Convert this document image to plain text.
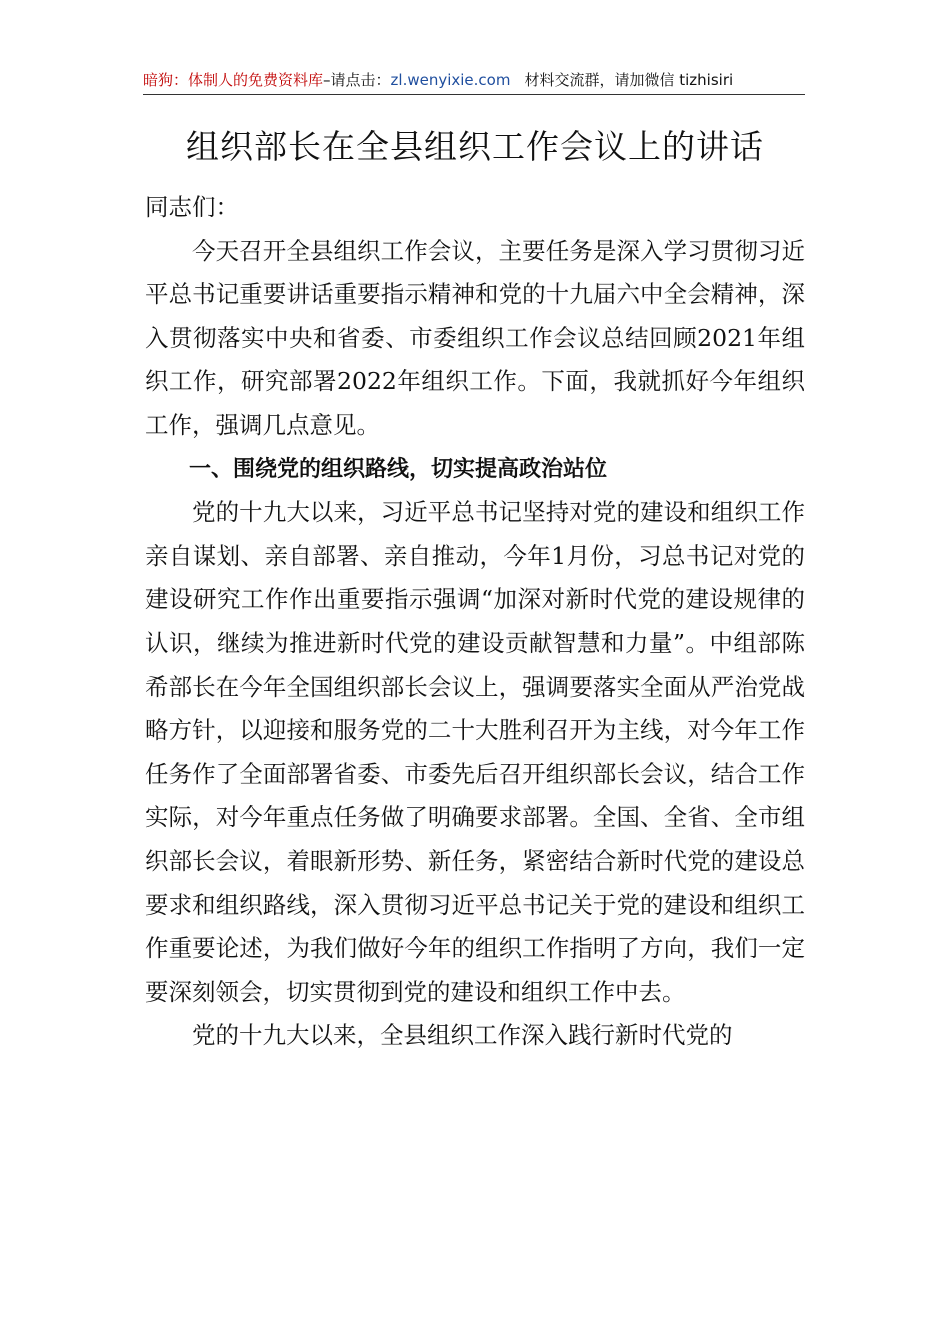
暗狗：体制人的免费资料库–请点击：zl.wenyixie.com 材料交流群，请加微信 tizhisiri
组织部长在全县组织工作会议上的讲话

同志们：

今天召开全县组织工作会议，主要任务是深入学习贯彻习近平总书记重要讲话重要指示精神和党的十九届六中全会精神，深入贯彻落实中央和省委、市委组织工作会议总结回顾2021年组织工作，研究部署2022年组织工作。下面，我就抓好今年组织工作，强调几点意见。

一、围绕党的组织路线，切实提高政治站位

党的十九大以来，习近平总书记坚持对党的建设和组织工作亲自谋划、亲自部署、亲自推动，今年1月份，习总书记对党的建设研究工作作出重要指示强调“加深对新时代党的建设规律的认识，继续为推进新时代党的建设贡献智慧和力量”。中组部陈希部长在今年全国组织部长会议上，强调要落实全面从严治党战略方针，以迎接和服务党的二十大胜利召开为主线，对今年工作任务作了全面部署省委、市委先后召开组织部长会议，结合工作实际，对今年重点任务做了明确要求部署。全国、全省、全市组织部长会议，着眼新形势、新任务，紧密结合新时代党的建设总要求和组织路线，深入贯彻习近平总书记关于党的建设和组织工作重要论述，为我们做好今年的组织工作指明了方向，我们一定要深刻领会，切实贯彻到党的建设和组织工作中去。

党的十九大以来，全县组织工作深入践行新时代党的
